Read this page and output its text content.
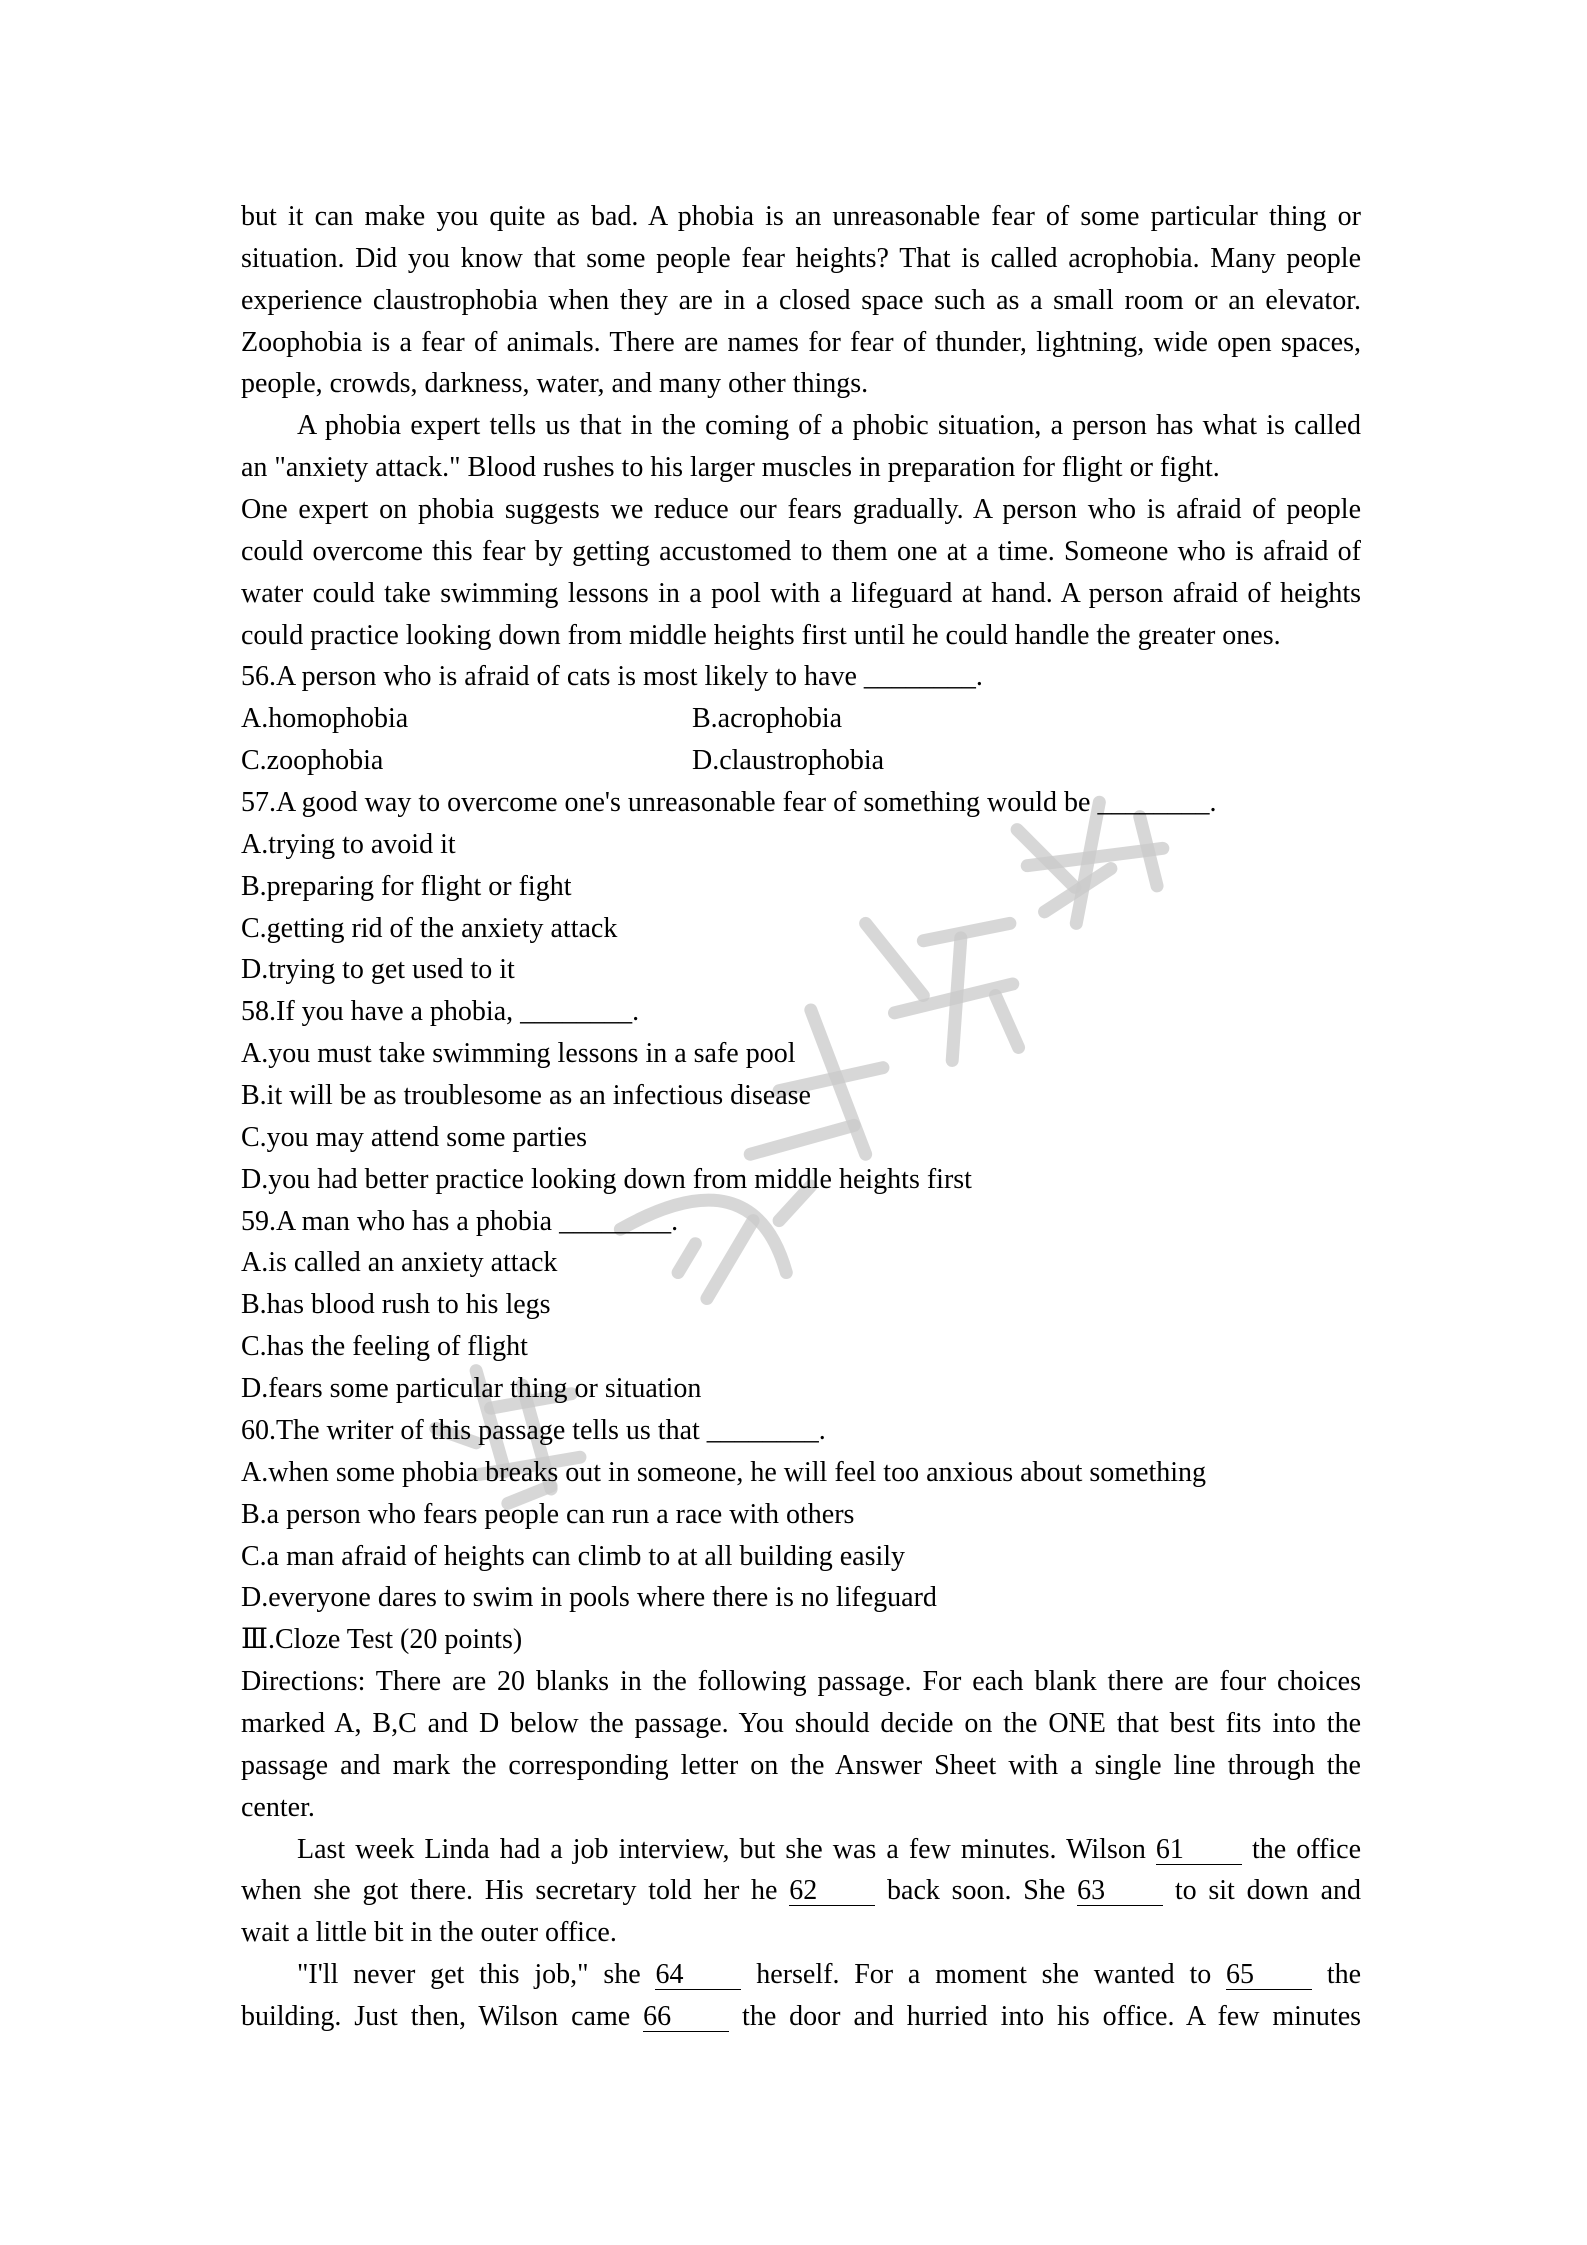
but it can make you quite as bad. A phobia is an unreasonable fear of some particular thing or
situation. Did you know that some people fear heights? That is called acrophobia. Many people
experience claustrophobia when they are in a closed space such as a small room or an elevator.
Zoophobia is a fear of animals. There are names for fear of thunder, lightning, wide open spaces,
people, crowds, darkness, water, and many other things.
A phobia expert tells us that in the coming of a phobic situation, a person has what is called
an "anxiety attack." Blood rushes to his larger muscles in preparation for flight or fight.
One expert on phobia suggests we reduce our fears gradually. A person who is afraid of people
could overcome this fear by getting accustomed to them one at a time. Someone who is afraid of
water could take swimming lessons in a pool with a lifeguard at hand. A person afraid of heights
could practice looking down from middle heights first until he could handle the greater ones.
56.A person who is afraid of cats is most likely to have ________.
A.homophobia	B.acrophobia
C.zoophobia	D.claustrophobia
57.A good way to overcome one's unreasonable fear of something would be ________.
A.trying to avoid it
B.preparing for flight or fight
C.getting rid of the anxiety attack
D.trying to get used to it
58.If you have a phobia, ________.
A.you must take swimming lessons in a safe pool
B.it will be as troublesome as an infectious disease
C.you may attend some parties
D.you had better practice looking down from middle heights first
59.A man who has a phobia ________.
A.is called an anxiety attack
B.has blood rush to his legs
C.has the feeling of flight
D.fears some particular thing or situation
60.The writer of this passage tells us that ________.
A.when some phobia breaks out in someone, he will feel too anxious about something
B.a person who fears people can run a race with others
C.a man afraid of heights can climb to at all building easily
D.everyone dares to swim in pools where there is no lifeguard
Ⅲ.Cloze Test (20 points)
Directions: There are 20 blanks in the following passage. For each blank there are four choices
marked A, B,C and D below the passage. You should decide on the ONE that best fits into the
passage and mark the corresponding letter on the Answer Sheet with a single line through the
center.
Last week Linda had a job interview, but she was a few minutes. Wilson 61 the office
when she got there. His secretary told her he 62 back soon. She 63 to sit down and
wait a little bit in the outer office.
"I'll never get this job," she 64	herself. For a moment she wanted to 65	the
building. Just then, Wilson came 66	the door and hurried into his office. A few minutes
